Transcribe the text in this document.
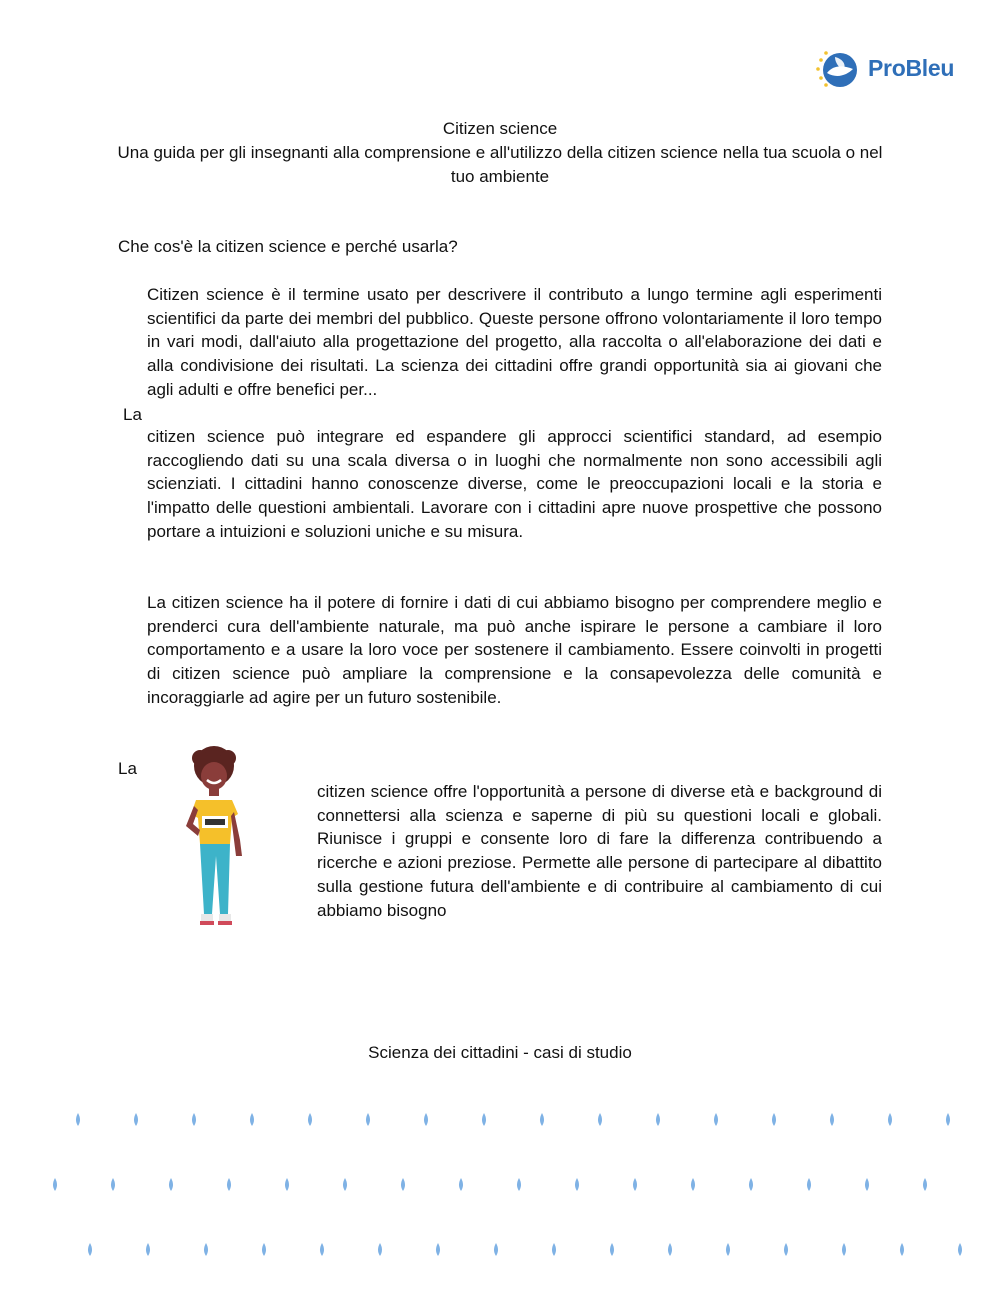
ProBleu
Citizen science
Una guida per gli insegnanti alla comprensione e all'utilizzo della citizen science nella tua scuola o nel tuo ambiente
Che cos'è la citizen science e perché usarla?

Citizen science è il termine usato per descrivere il contributo a lungo termine agli esperimenti scientifici da parte dei membri del pubblico. Queste persone offrono volontariamente il loro tempo in vari modi, dall'aiuto alla progettazione del progetto, alla raccolta o all'elaborazione dei dati e alla condivisione dei risultati. La scienza dei cittadini offre grandi opportunità sia ai giovani che agli adulti e offre benefici per...

La

citizen science può integrare ed espandere gli approcci scientifici standard, ad esempio raccogliendo dati su una scala diversa o in luoghi che normalmente non sono accessibili agli scienziati. I cittadini hanno conoscenze diverse, come le preoccupazioni locali e la storia e l'impatto delle questioni ambientali. Lavorare con i cittadini apre nuove prospettive che possono portare a intuizioni e soluzioni uniche e su misura.

La citizen science ha il potere di fornire i dati di cui abbiamo bisogno per comprendere meglio e prenderci cura dell'ambiente naturale, ma può anche ispirare le persone a cambiare il loro comportamento e a usare la loro voce per sostenere il cambiamento. Essere coinvolti in progetti di citizen science può ampliare la comprensione e la consapevolezza delle comunità e incoraggiarle ad agire per un futuro sostenibile.

La

citizen science offre l'opportunità a persone di diverse età e background di connettersi alla scienza e saperne di più su questioni locali e globali. Riunisce i gruppi e consente loro di fare la differenza contribuendo a ricerche e azioni preziose. Permette alle persone di partecipare al dibattito sulla gestione futura dell'ambiente e di contribuire al cambiamento di cui abbiamo bisogno

Scienza dei cittadini - casi di studio
